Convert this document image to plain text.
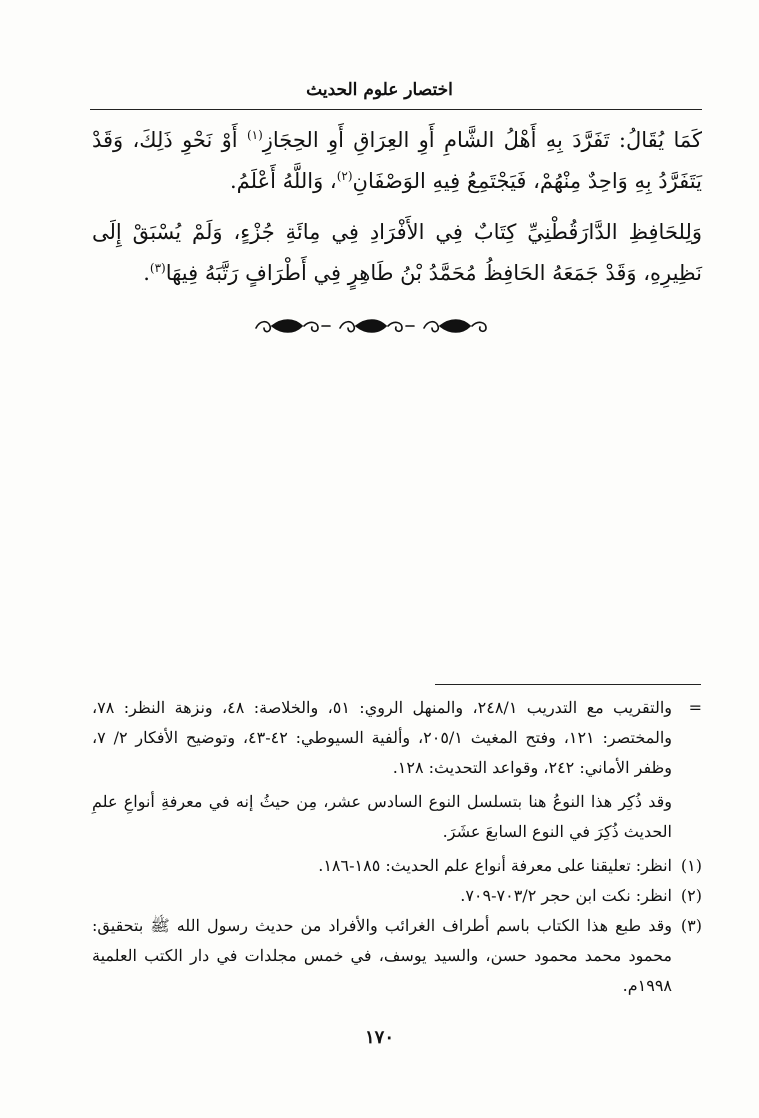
اختصار علوم الحديث

كَمَا يُقَالُ: تَفَرَّدَ بِهِ أَهْلُ الشَّامِ أَوِ العِرَاقِ أَوِ الحِجَازِ$^{(١)}$ أَوْ نَحْوِ ذَلِكَ، وَقَدْ يَتَفَرَّدُ بِهِ وَاحِدٌ مِنْهُمْ، فَيَجْتَمِعُ فِيهِ الوَصْفَانِ$^{(٢)}$، وَاللَّهُ أَعْلَمُ.

وَلِلحَافِظِ الدَّارَقُطْنِيِّ كِتَابٌ فِي الأَفْرَادِ فِي مِائَةِ جُزْءٍ، وَلَمْ يُسْبَقْ إِلَى نَظِيرِهِ، وَقَدْ جَمَعَهُ الحَافِظُ مُحَمَّدُ بْنُ طَاهِرٍ فِي أَطْرَافٍ رَتَّبَهُ فِيهَا$^{(٣)}$.

=
والتقريب مع التدريب ٢٤٨/١، والمنهل الروي: ٥١، والخلاصة: ٤٨، ونزهة النظر: ٧٨، والمختصر: ١٢١، وفتح المغيث ٢٠٥/١، وألفية السيوطي: ٤٢-٤٣، وتوضيح الأفكار ٢/ ٧، وظفر الأماني: ٢٤٢، وقواعد التحديث: ١٢٨.
وقد ذُكِر هذا النوعُ هنا بتسلسل النوع السادس عشر، مِن حيثُ إنه في معرفةِ أنواعِ علمِ الحديث ذُكِرَ في النوع السابعَ عشَرَ.
(١)
انظر: تعليقنا على معرفة أنواع علم الحديث: ١٨٥-١٨٦.
(٢)
انظر: نكت ابن حجر ٧٠٣/٢-٧٠٩.
(٣)
وقد طبع هذا الكتاب باسم أطراف الغرائب والأفراد من حديث رسول الله ﷺ بتحقيق: محمود محمد محمود حسن، والسيد يوسف، في خمس مجلدات في دار الكتب العلمية ١٩٩٨م.
١٧٠
